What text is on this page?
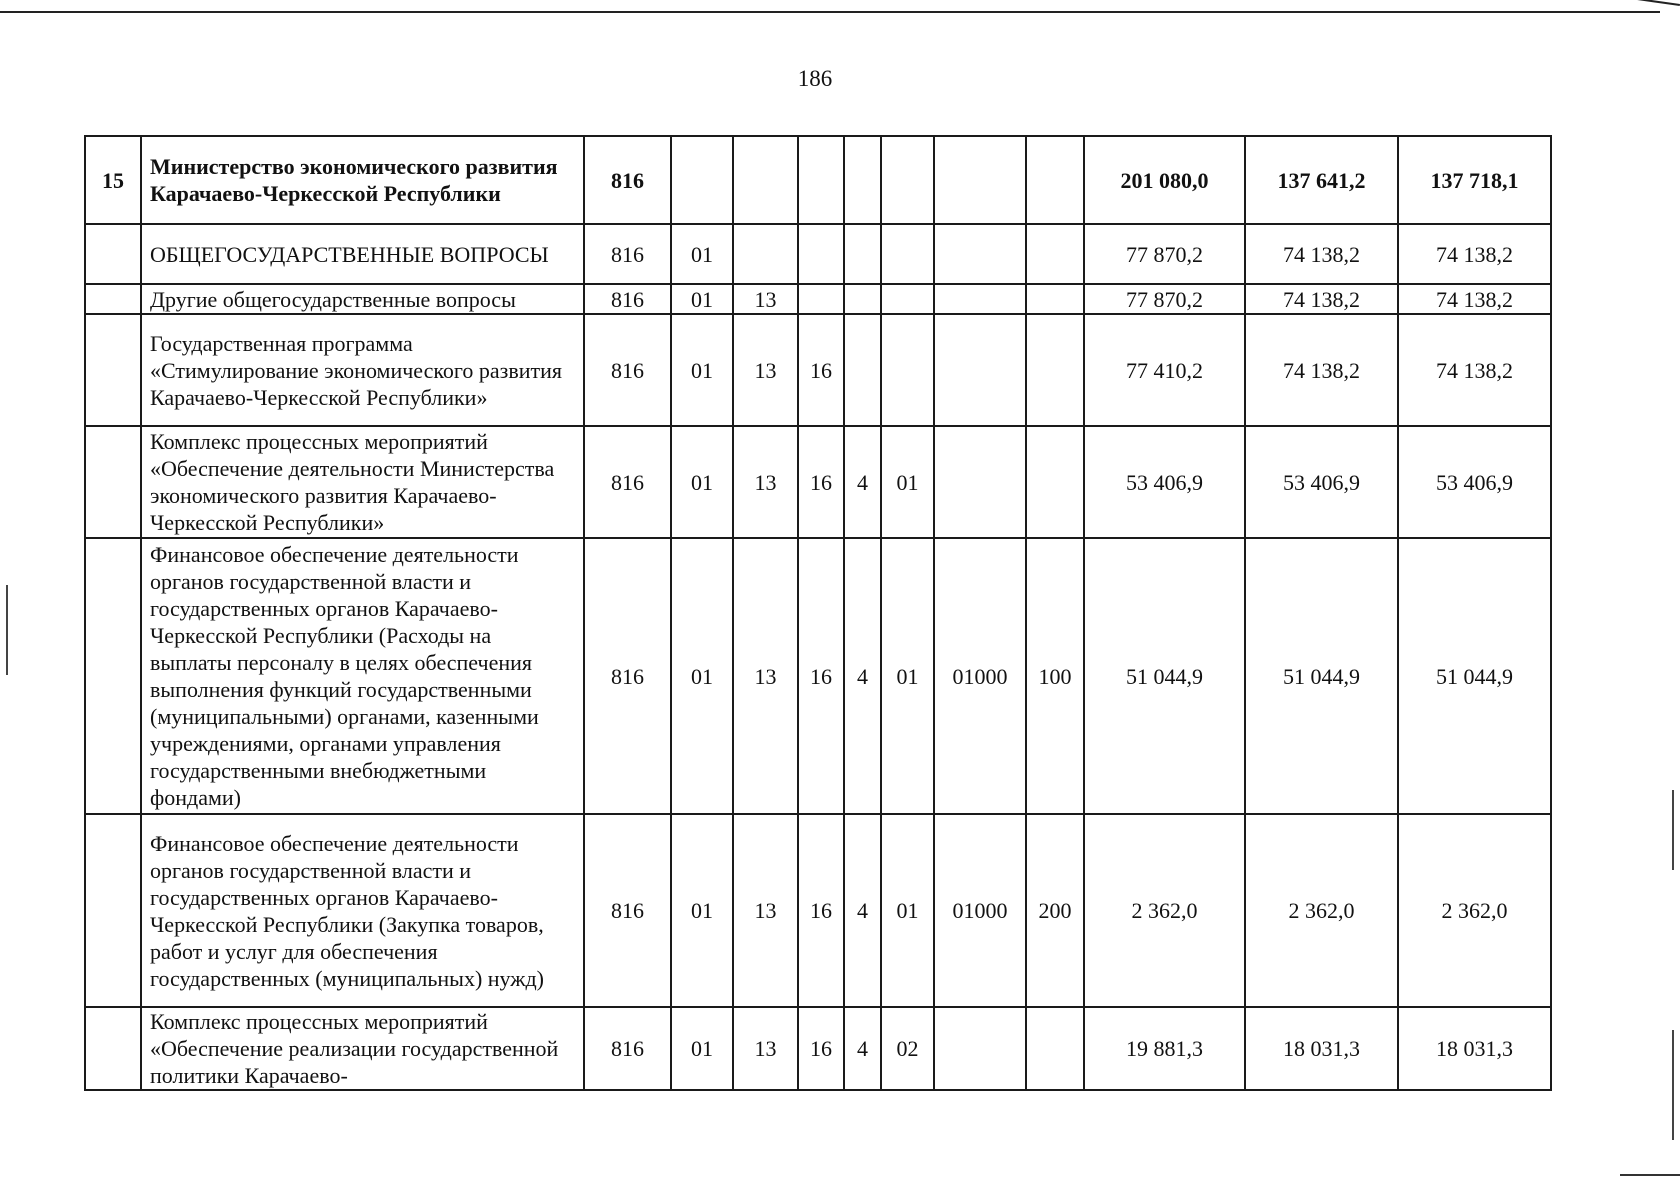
186
15	Министерство экономического развития Карачаево-Черкесской Республики	816								201 080,0	137 641,2	137 718,1
	ОБЩЕГОСУДАРСТВЕННЫЕ ВОПРОСЫ	816	01							77 870,2	74 138,2	74 138,2
	Другие общегосударственные вопросы	816	01	13						77 870,2	74 138,2	74 138,2
	Государственная программа «Стимулирование экономического развития Карачаево-Черкесской Республики»	816	01	13	16					77 410,2	74 138,2	74 138,2
	Комплекс процессных мероприятий «Обеспечение деятельности Министерства экономического развития Карачаево-Черкесской Республики»	816	01	13	16	4	01			53 406,9	53 406,9	53 406,9
	Финансовое обеспечение деятельности органов государственной власти и государственных органов Карачаево-Черкесской Республики (Расходы на выплаты персоналу в целях обеспечения выполнения функций государственными (муниципальными) органами, казенными учреждениями, органами управления государственными внебюджетными фондами)	816	01	13	16	4	01	01000	100	51 044,9	51 044,9	51 044,9
	Финансовое обеспечение деятельности органов государственной власти и государственных органов Карачаево-Черкесской Республики (Закупка товаров, работ и услуг для обеспечения государственных (муниципальных) нужд)	816	01	13	16	4	01	01000	200	2 362,0	2 362,0	2 362,0
	Комплекс процессных мероприятий «Обеспечение реализации государственной политики Карачаево-	816	01	13	16	4	02			19 881,3	18 031,3	18 031,3
